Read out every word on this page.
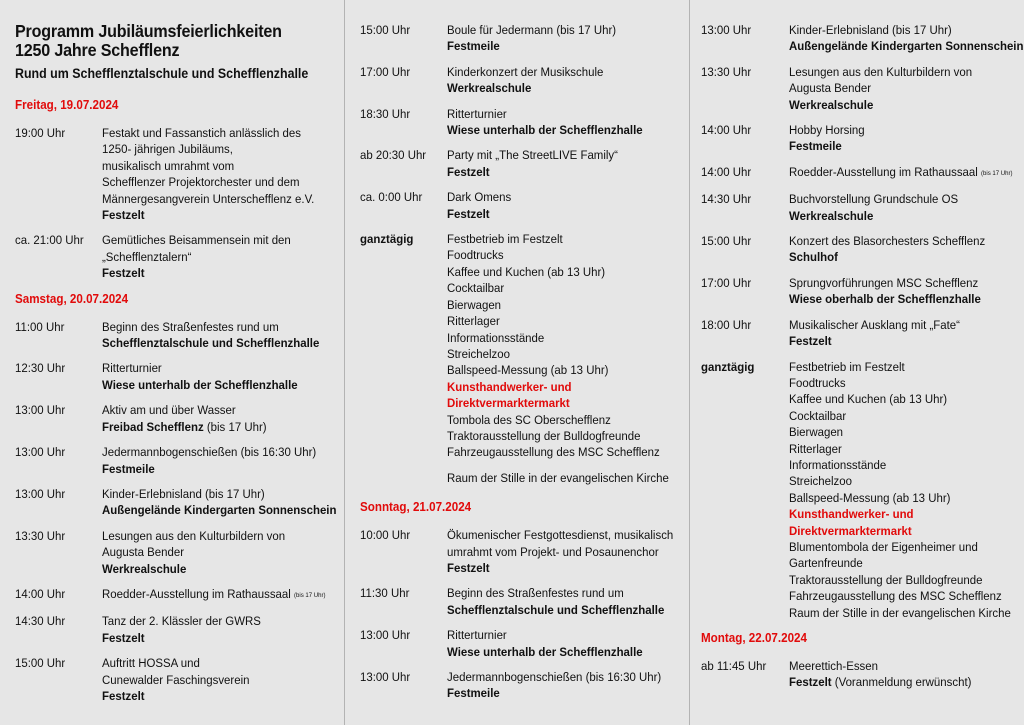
Programm Jubiläumsfeierlichkeiten
1250 Jahre Schefflenz
Rund um Schefflenztalschule und Schefflenzhalle
Freitag, 19.07.2024
19:00 Uhr	Festakt und Fassanstich anlässlich des
1250- jährigen Jubiläums,
musikalisch umrahmt vom
Schefflenzer Projektorchester und dem
Männergesangverein Unterschefflenz e.V.
Festzelt
ca. 21:00 Uhr	Gemütliches Beisammensein mit den
„Schefflenztalern“
Festzelt
Samstag, 20.07.2024
11:00 Uhr	Beginn des Straßenfestes rund um
Schefflenztalschule und Schefflenzhalle
12:30 Uhr	Ritterturnier
Wiese unterhalb der Schefflenzhalle
13:00 Uhr	Aktiv am und über Wasser
Freibad Schefflenz (bis 17 Uhr)
13:00 Uhr	Jedermannbogenschießen (bis 16:30 Uhr)
Festmeile
13:00 Uhr	Kinder-Erlebnisland (bis 17 Uhr)
Außengelände Kindergarten Sonnenschein
13:30 Uhr	Lesungen aus den Kulturbildern von
Augusta Bender
Werkrealschule
14:00 Uhr	Roedder-Ausstellung im Rathaussaal (bis 17 Uhr)
14:30 Uhr	Tanz der 2. Klässler der GWRS
Festzelt
15:00 Uhr	Auftritt HOSSA und
Cunewalder Faschingsverein
Festzelt
15:00 Uhr	Boule für Jedermann (bis 17 Uhr)
Festmeile
17:00 Uhr	Kinderkonzert der Musikschule
Werkrealschule
18:30 Uhr	Ritterturnier
Wiese unterhalb der Schefflenzhalle
ab 20:30 Uhr	Party mit „The StreetLIVE Family“
Festzelt
ca. 0:00 Uhr	Dark Omens
Festzelt
ganztägig	Festbetrieb im Festzelt
Foodtrucks
Kaffee und Kuchen (ab 13 Uhr)
Cocktailbar
Bierwagen
Ritterlager
Informationsstände
Streichelzoo
Ballspeed-Messung (ab 13 Uhr)
Kunsthandwerker- und
Direktvermarktermarkt
Tombola des SC Oberschefflenz
Traktorausstellung der Bulldogfreunde
Fahrzeugausstellung des MSC Schefflenz
Raum der Stille in der evangelischen Kirche
Sonntag, 21.07.2024
10:00 Uhr	Ökumenischer Festgottesdienst, musikalisch
umrahmt vom Projekt- und Posaunenchor
Festzelt
11:30 Uhr	Beginn des Straßenfestes rund um
Schefflenztalschule und Schefflenzhalle
13:00 Uhr	Ritterturnier
Wiese unterhalb der Schefflenzhalle
13:00 Uhr	Jedermannbogenschießen (bis 16:30 Uhr)
Festmeile
13:00 Uhr	Kinder-Erlebnisland (bis 17 Uhr)
Außengelände Kindergarten Sonnenschein
13:30 Uhr	Lesungen aus den Kulturbildern von
Augusta Bender
Werkrealschule
14:00 Uhr	Hobby Horsing
Festmeile
14:00 Uhr	Roedder-Ausstellung im Rathaussaal (bis 17 Uhr)
14:30 Uhr	Buchvorstellung Grundschule OS
Werkrealschule
15:00 Uhr	Konzert des Blasorchesters Schefflenz
Schulhof
17:00 Uhr	Sprungvorführungen MSC Schefflenz
Wiese oberhalb der Schefflenzhalle
18:00 Uhr	Musikalischer Ausklang mit „Fate“
Festzelt
ganztägig	Festbetrieb im Festzelt
Foodtrucks
Kaffee und Kuchen (ab 13 Uhr)
Cocktailbar
Bierwagen
Ritterlager
Informationsstände
Streichelzoo
Ballspeed-Messung (ab 13 Uhr)
Kunsthandwerker- und
Direktvermarktermarkt
Blumentombola der Eigenheimer und
Gartenfreunde
Traktorausstellung der Bulldogfreunde
Fahrzeugausstellung des MSC Schefflenz
Raum der Stille in der evangelischen Kirche
Montag, 22.07.2024
ab 11:45 Uhr	Meerettich-Essen
Festzelt (Voranmeldung erwünscht)
